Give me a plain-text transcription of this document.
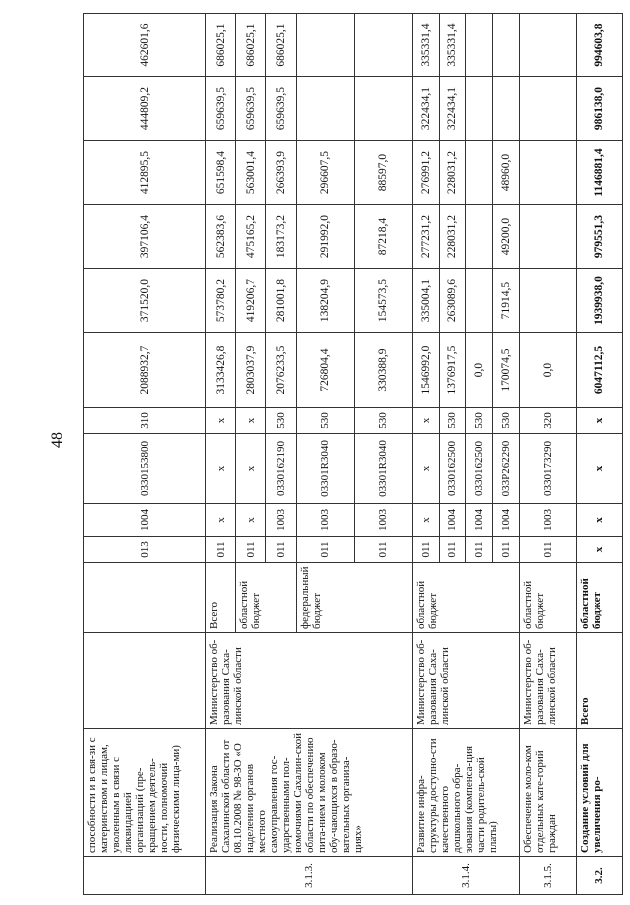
48
	способности и в свя-зи с материнством и лицам, уволенным в связи с ликвидацией организаций (пре-кращением деятель-ности, полномочий физическими лица-ми)			013	1004	0330153800	310	2088932,7	371520,0	397106,4	412895,5	444809,2	462601,6
3.1.3.	Реализация Закона Сахалинской области от 08.10.2008 № 98-ЗО «О наделении органов местного самоуправления гос-ударственными пол-номочиями Сахалин-ской области по обеспечению пита-нием и молоком обу-чающихся в образо-вательных организа-циях»	Министерство об-разования Саха-линской области	Всего	011	х	х	х	3133426,8	573780,2	562383,6	651598,4	659639,5	686025,1
			областной бюджет	011	х	х	х	2803037,9	419206,7	475165,2	563001,4	659639,5	686025,1
				011	1003	0330162190	530	2076233,5	281001,8	183173,2	266393,9	659639,5	686025,1
			федеральный бюджет	011	1003	03301R3040	530	726804,4	138204,9	291992,0	296607,5		
				011	1003	03301R3040	530	330388,9	154573,5	87218,4	88597,0		
3.1.4.	Развитие инфра-структуры доступно-сти качественного дошкольного обра-зования (компенса-ция части родитель-ской платы)	Министерство об-разования Саха-линской области	областной бюджет	011	х	х	х	1546992,0	335004,1	277231,2	276991,2	322434,1	335331,4
				011	1004	0330162500	530	1376917,5	263089,6	228031,2	228031,2	322434,1	335331,4
				011	1004	0330162500	530	0,0					
				011	1004	033P262290	530	170074,5	71914,5	49200,0	48960,0		
3.1.5.	Обеспечение моло-ком отдельных кате-горий граждан	Министерство об-разования Саха-линской области	областной бюджет	011	1003	0330173290	320	0,0					
3.2.	Создание условий для увеличения ро-	Всего	областной бюджет	х	х	х	х	6047112,5	1939938,0	979551,3	1146881,4	986138,0	994603,8
